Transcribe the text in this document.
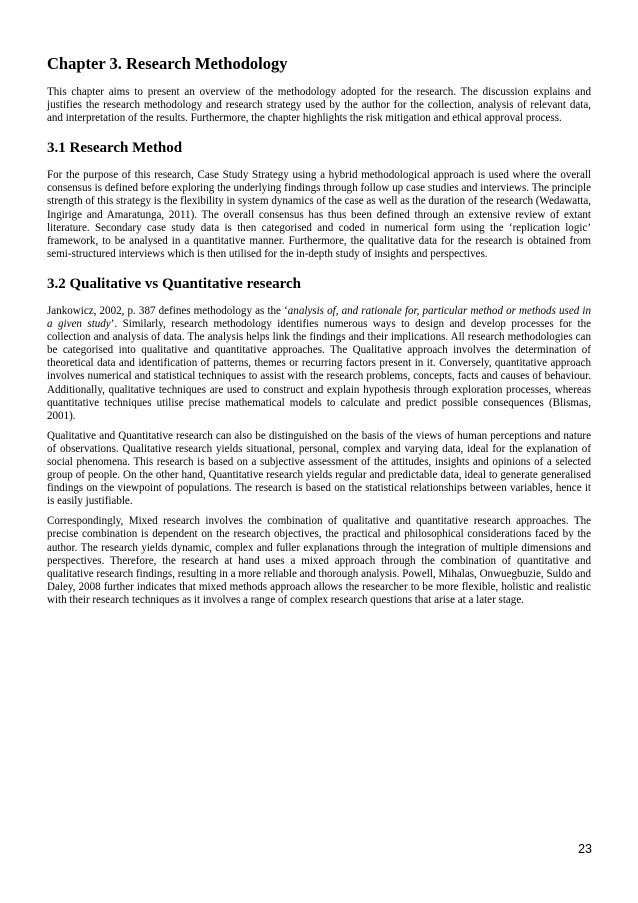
Chapter 3. Research Methodology

This chapter aims to present an overview of the methodology adopted for the research. The discussion explains and justifies the research methodology and research strategy used by the author for the collection, analysis of relevant data, and interpretation of the results. Furthermore, the chapter highlights the risk mitigation and ethical approval process.

3.1 Research Method

For the purpose of this research, Case Study Strategy using a hybrid methodological approach is used where the overall consensus is defined before exploring the underlying findings through follow up case studies and interviews. The principle strength of this strategy is the flexibility in system dynamics of the case as well as the duration of the research (Wedawatta, Ingirige and Amaratunga, 2011). The overall consensus has thus been defined through an extensive review of extant literature. Secondary case study data is then categorised and coded in numerical form using the ‘replication logic’ framework, to be analysed in a quantitative manner. Furthermore, the qualitative data for the research is obtained from semi-structured interviews which is then utilised for the in-depth study of insights and perspectives.

3.2 Qualitative vs Quantitative research

Jankowicz, 2002, p. 387 defines methodology as the ‘analysis of, and rationale for, particular method or methods used in a given study’. Similarly, research methodology identifies numerous ways to design and develop processes for the collection and analysis of data. The analysis helps link the findings and their implications. All research methodologies can be categorised into qualitative and quantitative approaches. The Qualitative approach involves the determination of theoretical data and identification of patterns, themes or recurring factors present in it. Conversely, quantitative approach involves numerical and statistical techniques to assist with the research problems, concepts, facts and causes of behaviour. Additionally, qualitative techniques are used to construct and explain hypothesis through exploration processes, whereas quantitative techniques utilise precise mathematical models to calculate and predict possible consequences (Blismas, 2001).

Qualitative and Quantitative research can also be distinguished on the basis of the views of human perceptions and nature of observations. Qualitative research yields situational, personal, complex and varying data, ideal for the explanation of social phenomena. This research is based on a subjective assessment of the attitudes, insights and opinions of a selected group of people. On the other hand, Quantitative research yields regular and predictable data, ideal to generate generalised findings on the viewpoint of populations. The research is based on the statistical relationships between variables, hence it is easily justifiable.

Correspondingly, Mixed research involves the combination of qualitative and quantitative research approaches. The precise combination is dependent on the research objectives, the practical and philosophical considerations faced by the author. The research yields dynamic, complex and fuller explanations through the integration of multiple dimensions and perspectives. Therefore, the research at hand uses a mixed approach through the combination of quantitative and qualitative research findings, resulting in a more reliable and thorough analysis. Powell, Mihalas, Onwuegbuzie, Suldo and Daley, 2008 further indicates that mixed methods approach allows the researcher to be more flexible, holistic and realistic with their research techniques as it involves a range of complex research questions that arise at a later stage.

23
